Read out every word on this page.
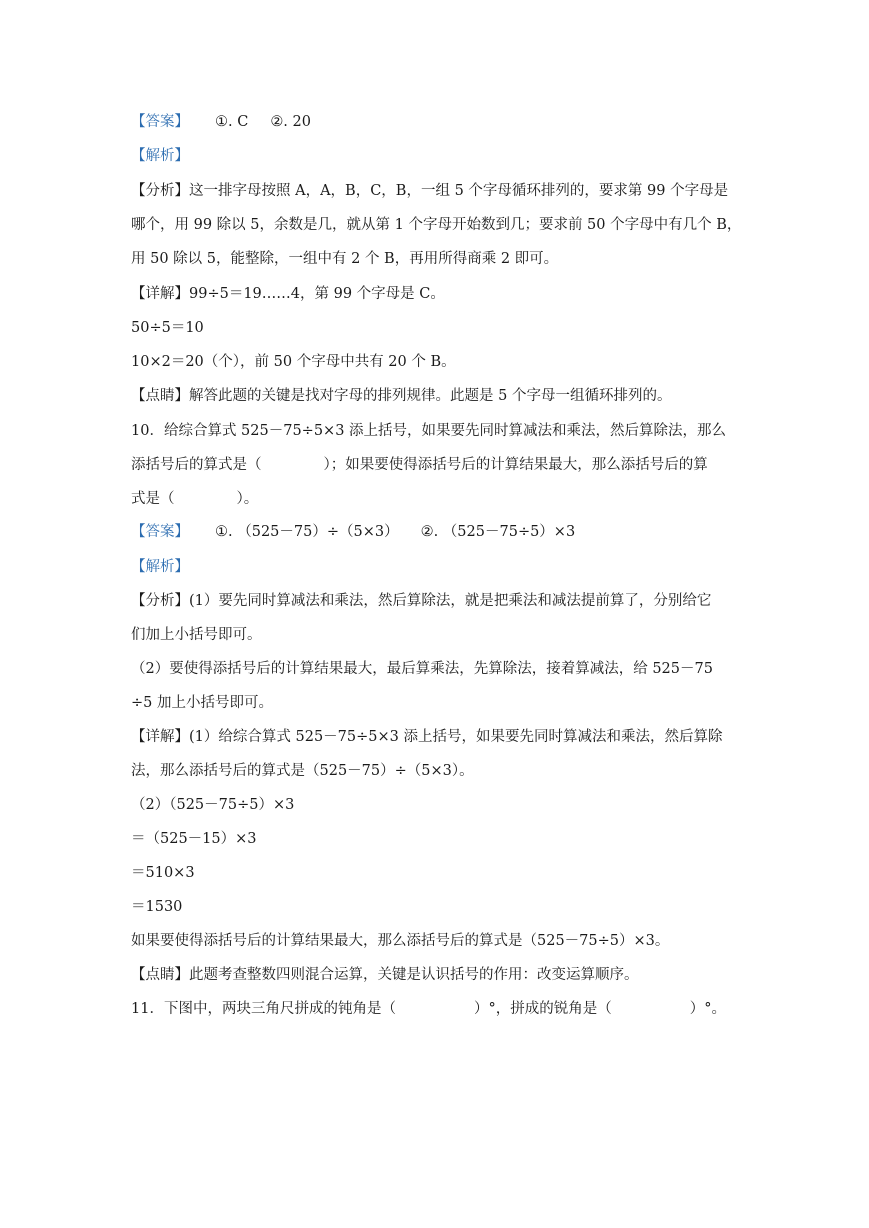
【答案】 ①. C ②. 20
【解析】
【分析】这一排字母按照 A，A，B，C，B，一组 5 个字母循环排列的，要求第 99 个字母是
哪个，用 99 除以 5，余数是几，就从第 1 个字母开始数到几；要求前 50 个字母中有几个 B，
用 50 除以 5，能整除，一组中有 2 个 B，再用所得商乘 2 即可。
【详解】99÷5＝19……4，第 99 个字母是 C。
50÷5＝10
10×2＝20（个），前 50 个字母中共有 20 个 B。
【点睛】解答此题的关键是找对字母的排列规律。此题是 5 个字母一组循环排列的。
10．给综合算式 525－75÷5×3 添上括号，如果要先同时算减法和乘法，然后算除法，那么
添括号后的算式是（	）；如果要使得添括号后的计算结果最大，那么添括号后的算
式是（	）。
【答案】 ①. （525－75）÷（5×3） ②. （525－75÷5）×3
【解析】
【分析】(1）要先同时算减法和乘法，然后算除法，就是把乘法和减法提前算了，分别给它
们加上小括号即可。
（2）要使得添括号后的计算结果最大，最后算乘法，先算除法，接着算减法，给 525－75
÷5 加上小括号即可。
【详解】(1）给综合算式 525－75÷5×3 添上括号，如果要先同时算减法和乘法，然后算除
法，那么添括号后的算式是（525－75）÷（5×3）。
（2）（525－75÷5）×3
＝（525－15）×3
＝510×3
＝1530
如果要使得添括号后的计算结果最大，那么添括号后的算式是（525－75÷5）×3。
【点睛】此题考查整数四则混合运算，关键是认识括号的作用：改变运算顺序。
11．下图中，两块三角尺拼成的钝角是（	）°，拼成的锐角是（	）°。
